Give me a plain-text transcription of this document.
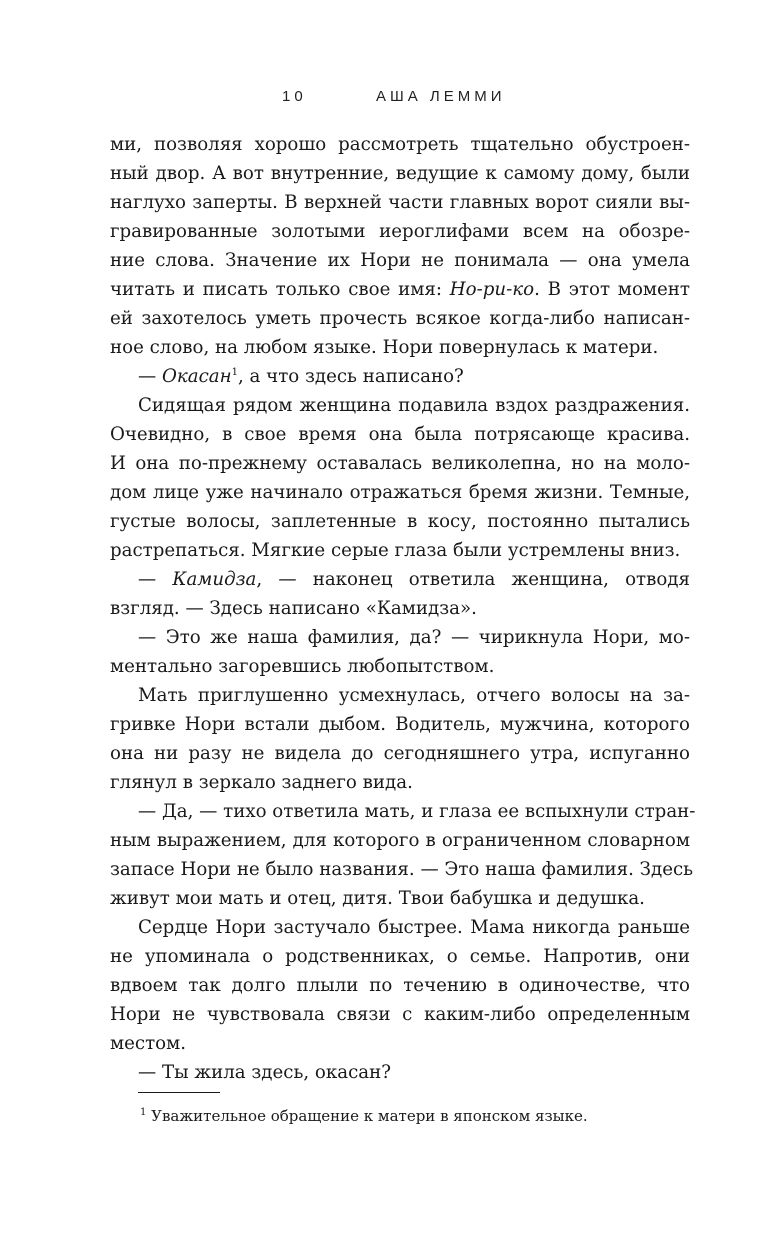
10	АША ЛЕММИ
ми, позволяя хорошо рассмотреть тщательно обустроен-
ный двор. А вот внутренние, ведущие к самому дому, были
наглухо заперты. В верхней части главных ворот сияли вы-
гравированные золотыми иероглифами всем на обозре-
ние слова. Значение их Нори не понимала — она умела
читать и писать только свое имя: Но-ри-ко. В этот момент
ей захотелось уметь прочесть всякое когда-либо написан-
ное слово, на любом языке. Нори повернулась к матери.
— Окасан$^1$, а что здесь написано?
Сидящая рядом женщина подавила вздох раздражения.
Очевидно, в свое время она была потрясающе красива.
И она по-прежнему оставалась великолепна, но на моло-
дом лице уже начинало отражаться бремя жизни. Темные,
густые волосы, заплетенные в косу, постоянно пытались
растрепаться. Мягкие серые глаза были устремлены вниз.
— Камидза, — наконец ответила женщина, отводя
взгляд. — Здесь написано «Камидза».
— Это же наша фамилия, да? — чирикнула Нори, мо-
ментально загоревшись любопытством.
Мать приглушенно усмехнулась, отчего волосы на за-
гривке Нори встали дыбом. Водитель, мужчина, которого
она ни разу не видела до сегодняшнего утра, испуганно
глянул в зеркало заднего вида.
— Да, — тихо ответила мать, и глаза ее вспыхнули стран-
ным выражением, для которого в ограниченном словарном
запасе Нори не было названия. — Это наша фамилия. Здесь
живут мои мать и отец, дитя. Твои бабушка и дедушка.
Сердце Нори застучало быстрее. Мама никогда раньше
не упоминала о родственниках, о семье. Напротив, они
вдвоем так долго плыли по течению в одиночестве, что
Нори не чувствовала связи с каким-либо определенным
местом.
— Ты жила здесь, окасан?
$^1$ Уважительное обращение к матери в японском языке.
